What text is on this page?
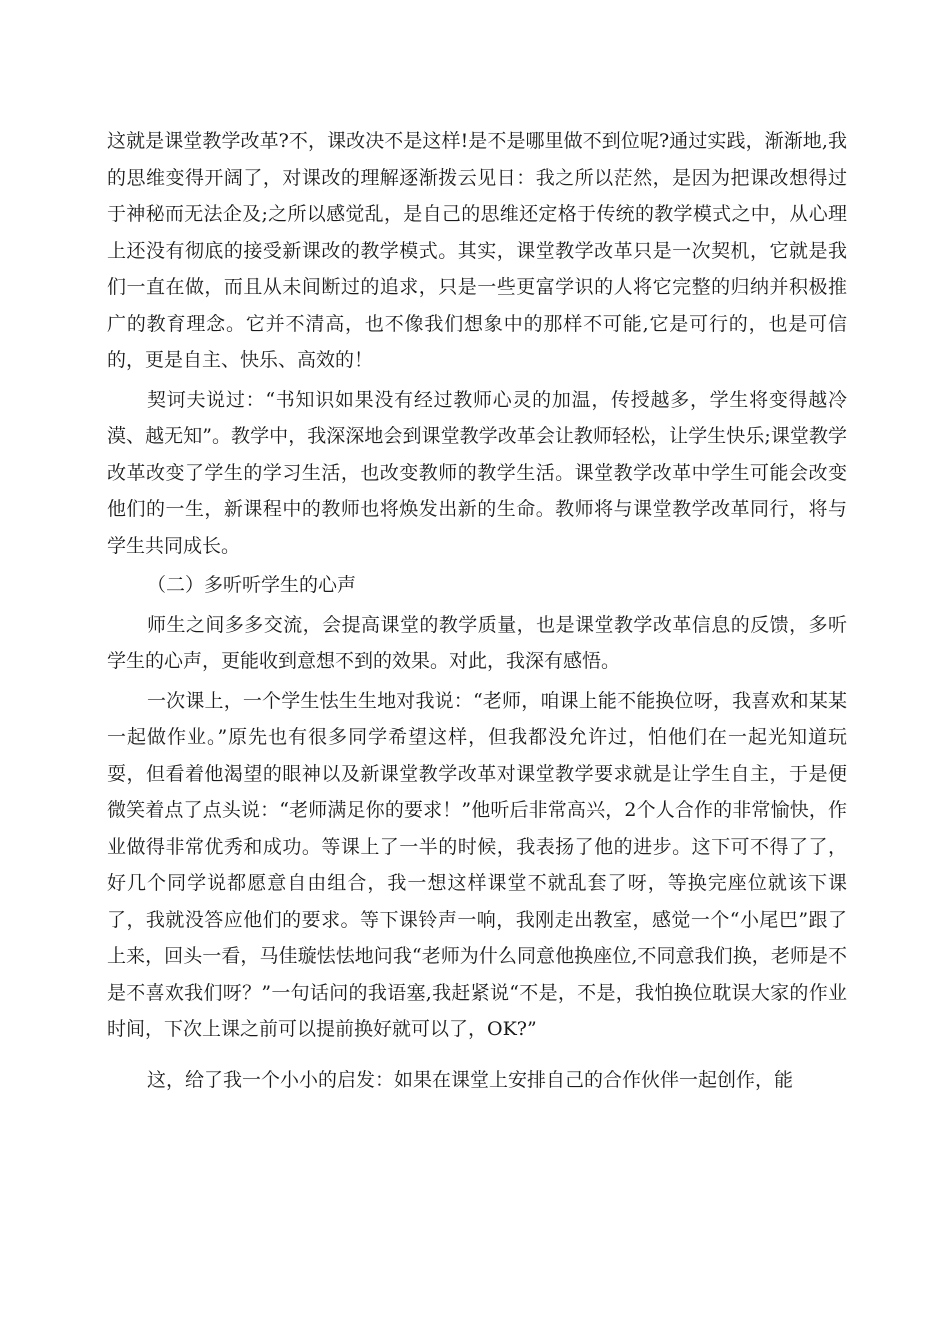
这就是课堂教学改革?不，课改决不是这样!是不是哪里做不到位呢?通过实践，渐渐地,我的思维变得开阔了，对课改的理解逐渐拨云见日：我之所以茫然，是因为把课改想得过于神秘而无法企及;之所以感觉乱，是自己的思维还定格于传统的教学模式之中，从心理上还没有彻底的接受新课改的教学模式。其实，课堂教学改革只是一次契机，它就是我们一直在做，而且从未间断过的追求，只是一些更富学识的人将它完整的归纳并积极推广的教育理念。它并不清高，也不像我们想象中的那样不可能,它是可行的，也是可信的，更是自主、快乐、高效的！

契诃夫说过：“书知识如果没有经过教师心灵的加温，传授越多，学生将变得越冷漠、越无知”。教学中，我深深地会到课堂教学改革会让教师轻松，让学生快乐;课堂教学改革改变了学生的学习生活，也改变教师的教学生活。课堂教学改革中学生可能会改变他们的一生，新课程中的教师也将焕发出新的生命。教师将与课堂教学改革同行，将与学生共同成长。

（二）多听听学生的心声

师生之间多多交流，会提高课堂的教学质量，也是课堂教学改革信息的反馈，多听学生的心声，更能收到意想不到的效果。对此，我深有感悟。

一次课上，一个学生怯生生地对我说：“老师，咱课上能不能换位呀，我喜欢和某某一起做作业。”原先也有很多同学希望这样，但我都没允许过，怕他们在一起光知道玩耍，但看着他渴望的眼神以及新课堂教学改革对课堂教学要求就是让学生自主，于是便微笑着点了点头说：“老师满足你的要求！”他听后非常高兴，2个人合作的非常愉快，作业做得非常优秀和成功。等课上了一半的时候，我表扬了他的进步。这下可不得了了，好几个同学说都愿意自由组合，我一想这样课堂不就乱套了呀，等换完座位就该下课了，我就没答应他们的要求。等下课铃声一响，我刚走出教室，感觉一个“小尾巴”跟了上来，回头一看，马佳璇怯怯地问我“老师为什么同意他换座位,不同意我们换，老师是不是不喜欢我们呀？”一句话问的我语塞,我赶紧说“不是，不是，我怕换位耽误大家的作业时间，下次上课之前可以提前换好就可以了，OK?”

这，给了我一个小小的启发：如果在课堂上安排自己的合作伙伴一起创作，能
